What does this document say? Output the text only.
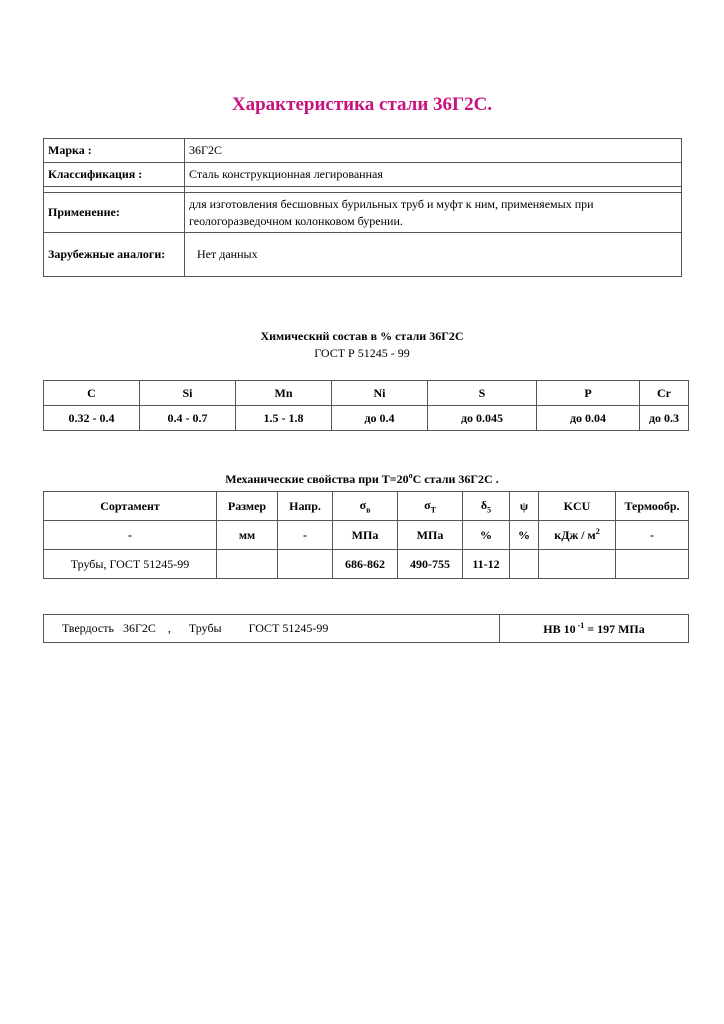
Характеристика стали 36Г2С.
Марка :	36Г2С
Классификация :	Сталь конструкционная легированная

Применение:	для изготовления бесшовных бурильных труб и муфт к ним, применяемых при геологоразведочном колонковом бурении.
Зарубежные аналоги:	Нет данных
Химический состав в % стали 36Г2С
ГОСТ Р 51245 - 99
C	Si	Mn	Ni	S	P	Cr
0.32 - 0.4	0.4 - 0.7	1.5 - 1.8	до 0.4	до 0.045	до 0.04	до 0.3
Механические свойства при $Т=20^oС$ стали 36Г2С .
Сортамент	Размер	Напр.	$\sigma_в$	$\sigma_T$	$\delta_5$	ψ	KCU	Термообр.
-	мм	-	МПа	МПа	%	%	кДж / $м^2$	-
Трубы, ГОСТ 51245-99			686-862	490-755	11-12			
Твердость   36Г2С    ,      Трубы         ГОСТ 51245-99	HB 10 $^{-1}$ = 197 МПа
